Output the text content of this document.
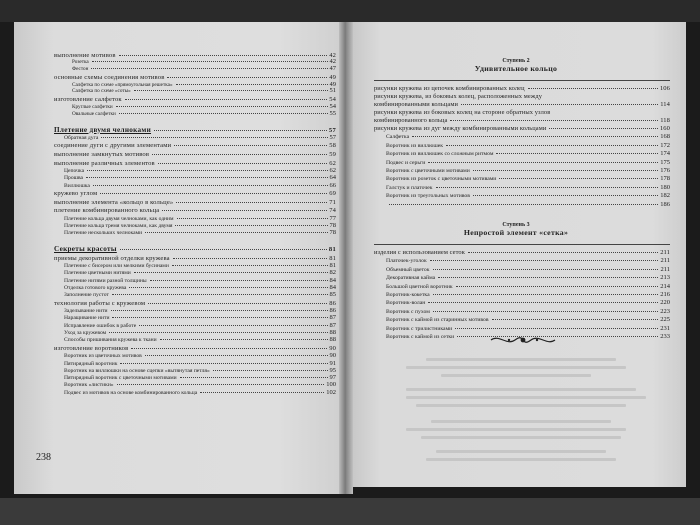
выполнение мотивов	42
Розетка	42
Фестон	47
основные схемы соединения мотивов	49
Салфетка по схеме «прямоугольная решетка»	49
Салфетка по схеме «соты»	51
изготовление салфеток	54
Круглые салфетки	54
Овальные салфетки	55
Плетение двумя челноками	57
Обратная дуга	57
соединение дуги с другими элементами	58
выполнение замкнутых мотивов	59
выполнение различных элементов	62
Цепочка	62
Прошва	64
Виллюшка	66
кружево углом	69
выполнение элемента «кольцо в кольце»	71
плетение комбинированного кольца	74
Плетение кольца двумя челноками, как одним	77
Плетение кольца тремя челноками, как двумя	78
Плетение нескольких челноками	78
Секреты красоты	81
приемы декоративной отделки кружева	81
Плетение с бисером или мелкими бусинами	81
Плетение цветными нитями	82
Плетение нитями разной толщины	84
Отделка готового кружева	84
Заполнение пустот	85
технология работы с кружевом	86
Заделывание нити	86
Наращивание нити	87
Исправление ошибок в работе	87
Уход за кружевом	88
Способы пришивания кружева к ткани	88
изготовление воротников	90
Воротник из цветочных мотивов	90
Пятирядный воротник	91
Воротник на виллюшки на основе сцепки «вытянутая петля»	95
Пятирядный воротник с цветочными мотивами	97
Воротник «листики»	100
Подвес из мотивов на основе комбинированного кольца	102
238
Ступень 2
Удивительное кольцо
рисунки кружева из цепочек комбинированных колец	106
рисунки кружева, из боковых колец, расположенных между
комбинированными кольцами	114
рисунки кружева из боковых колец на стороне обратных узлов
комбинированного кольца	118
рисунки кружева из дуг между комбинированными кольцами	160
Салфетка	168
Воротник из виллюшек	172
Воротник из виллюшек со сложным ритмом	174
Подвес и серьги	175
Воротник с цветочными мотивами	176
Воротник из розеток с цветочными мотивами	178
Галстук и платочек	180
Воротник из треугольных мотивов	182
186
Ступень 3
Непростой элемент «сетка»
изделия с использованием сеток	211
Платочек-уголок	211
Объемный цветок	211
Декоративная кайма	213
Большой цветной воротник	214
Воротник-кокетка	216
Воротник-волан	220
Воротник с пухом	223
Воротник с каймой из старинных мотивов	225
Воротник с трилистниками	231
Воротник с каймой из сетки	233
